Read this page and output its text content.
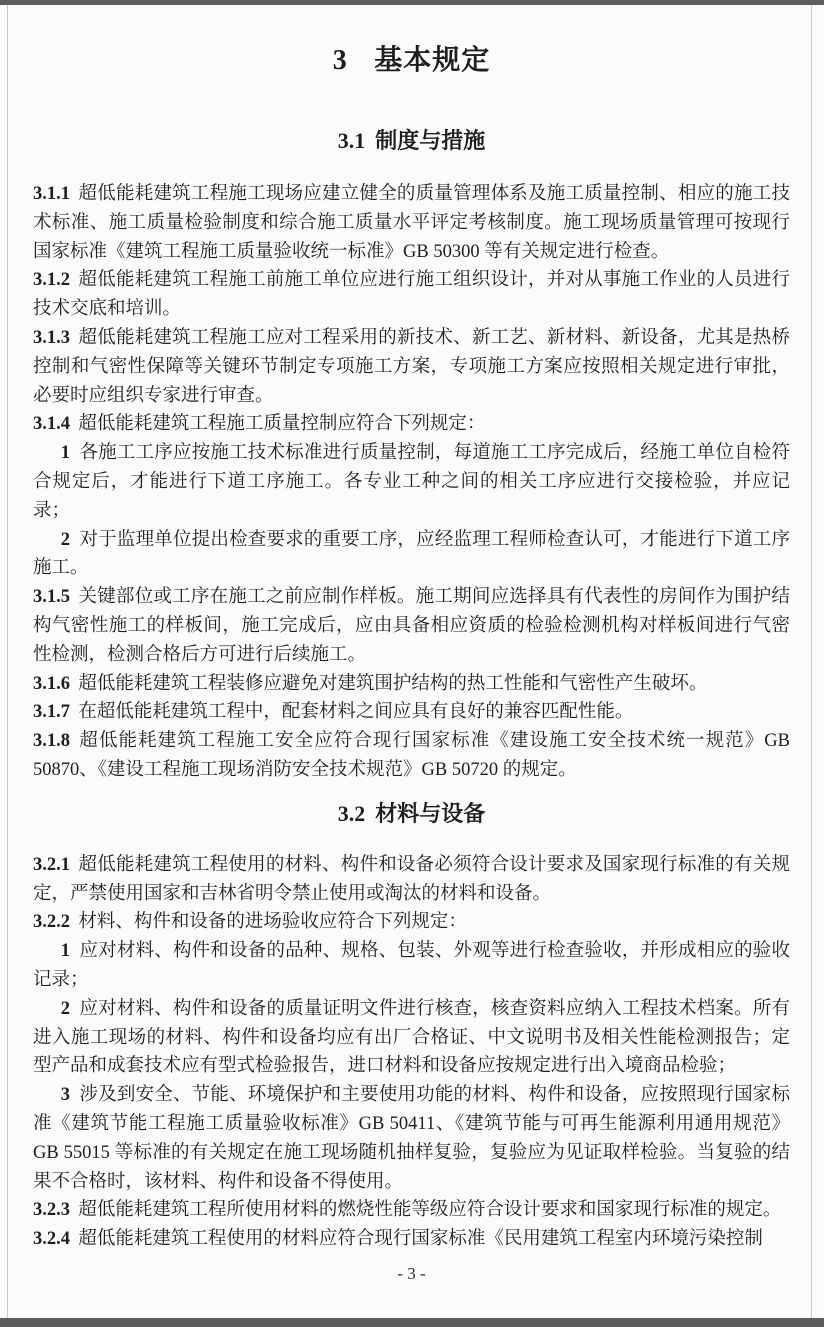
3 基本规定
3.1 制度与措施

3.1.1 超低能耗建筑工程施工现场应建立健全的质量管理体系及施工质量控制、相应的施工技术标准、施工质量检验制度和综合施工质量水平评定考核制度。施工现场质量管理可按现行国家标准《建筑工程施工质量验收统一标准》GB 50300 等有关规定进行检查。

3.1.2 超低能耗建筑工程施工前施工单位应进行施工组织设计，并对从事施工作业的人员进行技术交底和培训。

3.1.3 超低能耗建筑工程施工应对工程采用的新技术、新工艺、新材料、新设备，尤其是热桥控制和气密性保障等关键环节制定专项施工方案，专项施工方案应按照相关规定进行审批，必要时应组织专家进行审查。

3.1.4 超低能耗建筑工程施工质量控制应符合下列规定：

1 各施工工序应按施工技术标准进行质量控制，每道施工工序完成后，经施工单位自检符合规定后，才能进行下道工序施工。各专业工种之间的相关工序应进行交接检验，并应记录；

2 对于监理单位提出检查要求的重要工序，应经监理工程师检查认可，才能进行下道工序施工。

3.1.5 关键部位或工序在施工之前应制作样板。施工期间应选择具有代表性的房间作为围护结构气密性施工的样板间，施工完成后，应由具备相应资质的检验检测机构对样板间进行气密性检测，检测合格后方可进行后续施工。

3.1.6 超低能耗建筑工程装修应避免对建筑围护结构的热工性能和气密性产生破坏。

3.1.7 在超低能耗建筑工程中，配套材料之间应具有良好的兼容匹配性能。

3.1.8 超低能耗建筑工程施工安全应符合现行国家标准《建设施工安全技术统一规范》GB 50870、《建设工程施工现场消防安全技术规范》GB 50720 的规定。

3.2 材料与设备

3.2.1 超低能耗建筑工程使用的材料、构件和设备必须符合设计要求及国家现行标准的有关规定，严禁使用国家和吉林省明令禁止使用或淘汰的材料和设备。

3.2.2 材料、构件和设备的进场验收应符合下列规定：

1 应对材料、构件和设备的品种、规格、包装、外观等进行检查验收，并形成相应的验收记录；

2 应对材料、构件和设备的质量证明文件进行核查，核查资料应纳入工程技术档案。所有进入施工现场的材料、构件和设备均应有出厂合格证、中文说明书及相关性能检测报告；定型产品和成套技术应有型式检验报告，进口材料和设备应按规定进行出入境商品检验；

3 涉及到安全、节能、环境保护和主要使用功能的材料、构件和设备，应按照现行国家标准《建筑节能工程施工质量验收标准》GB 50411、《建筑节能与可再生能源利用通用规范》GB 55015 等标准的有关规定在施工现场随机抽样复验，复验应为见证取样检验。当复验的结果不合格时，该材料、构件和设备不得使用。

3.2.3 超低能耗建筑工程所使用材料的燃烧性能等级应符合设计要求和国家现行标准的规定。

3.2.4 超低能耗建筑工程使用的材料应符合现行国家标准《民用建筑工程室内环境污染控制

- 3 -
